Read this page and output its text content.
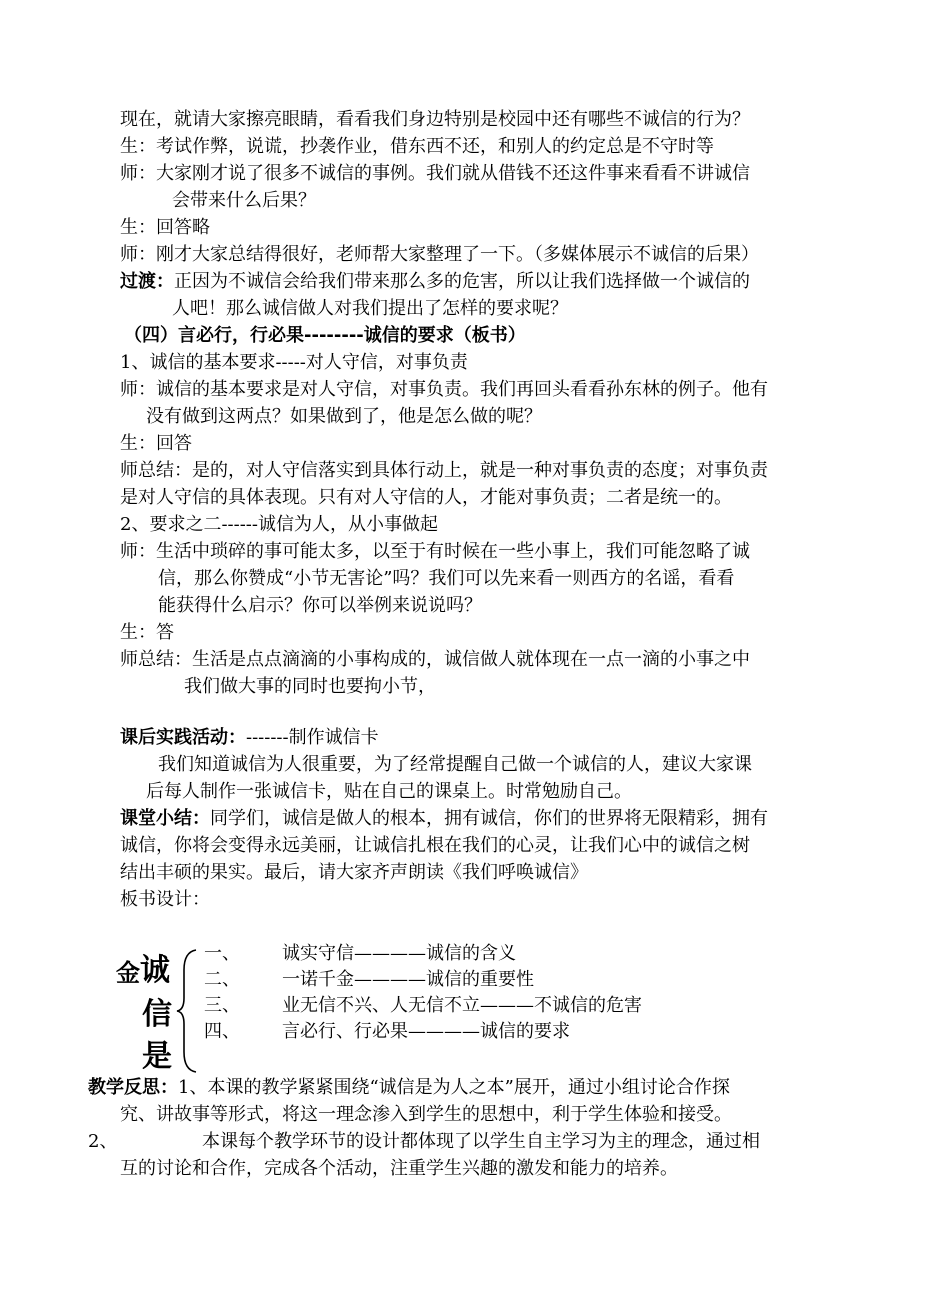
现在，就请大家擦亮眼睛，看看我们身边特别是校园中还有哪些不诚信的行为？
生：考试作弊，说谎，抄袭作业，借东西不还，和别人的约定总是不守时等
师：大家刚才说了很多不诚信的事例。我们就从借钱不还这件事来看看不讲诚信
会带来什么后果？
生：回答略
师：刚才大家总结得很好，老师帮大家整理了一下。（多媒体展示不诚信的后果）
过渡：正因为不诚信会给我们带来那么多的危害，所以让我们选择做一个诚信的
人吧！那么诚信做人对我们提出了怎样的要求呢？
（四）言必行，行必果--------诚信的要求（板书）
1、诚信的基本要求-----对人守信，对事负责
师：诚信的基本要求是对人守信，对事负责。我们再回头看看孙东林的例子。他有
没有做到这两点？如果做到了，他是怎么做的呢？
生：回答
师总结：是的，对人守信落实到具体行动上，就是一种对事负责的态度；对事负责
是对人守信的具体表现。只有对人守信的人，才能对事负责；二者是统一的。
2、要求之二------诚信为人，从小事做起
师：生活中琐碎的事可能太多，以至于有时候在一些小事上，我们可能忽略了诚
信，那么你赞成“小节无害论”吗？我们可以先来看一则西方的名谣，看看
能获得什么启示？你可以举例来说说吗？
生：答
师总结：生活是点点滴滴的小事构成的，诚信做人就体现在一点一滴的小事之中
我们做大事的同时也要拘小节，
课后实践活动：-------制作诚信卡
我们知道诚信为人很重要，为了经常提醒自己做一个诚信的人，建议大家课
后每人制作一张诚信卡，贴在自己的课桌上。时常勉励自己。
课堂小结：同学们，诚信是做人的根本，拥有诚信，你们的世界将无限精彩，拥有
诚信，你将会变得永远美丽，让诚信扎根在我们的心灵，让我们心中的诚信之树
结出丰硕的果实。最后，请大家齐声朗读《我们呼唤诚信》
板书设计：
金 诚
信
是
一、 诚实守信————诚信的含义
二、 一诺千金————诚信的重要性
三、 业无信不兴、人无信不立———不诚信的危害
四、 言必行、行必果————诚信的要求
教学反思：1、本课的教学紧紧围绕“诚信是为人之本”展开，通过小组讨论合作探
究、讲故事等形式，将这一理念渗入到学生的思想中，利于学生体验和接受。
2、	本课每个教学环节的设计都体现了以学生自主学习为主的理念，通过相
互的讨论和合作，完成各个活动，注重学生兴趣的激发和能力的培养。
